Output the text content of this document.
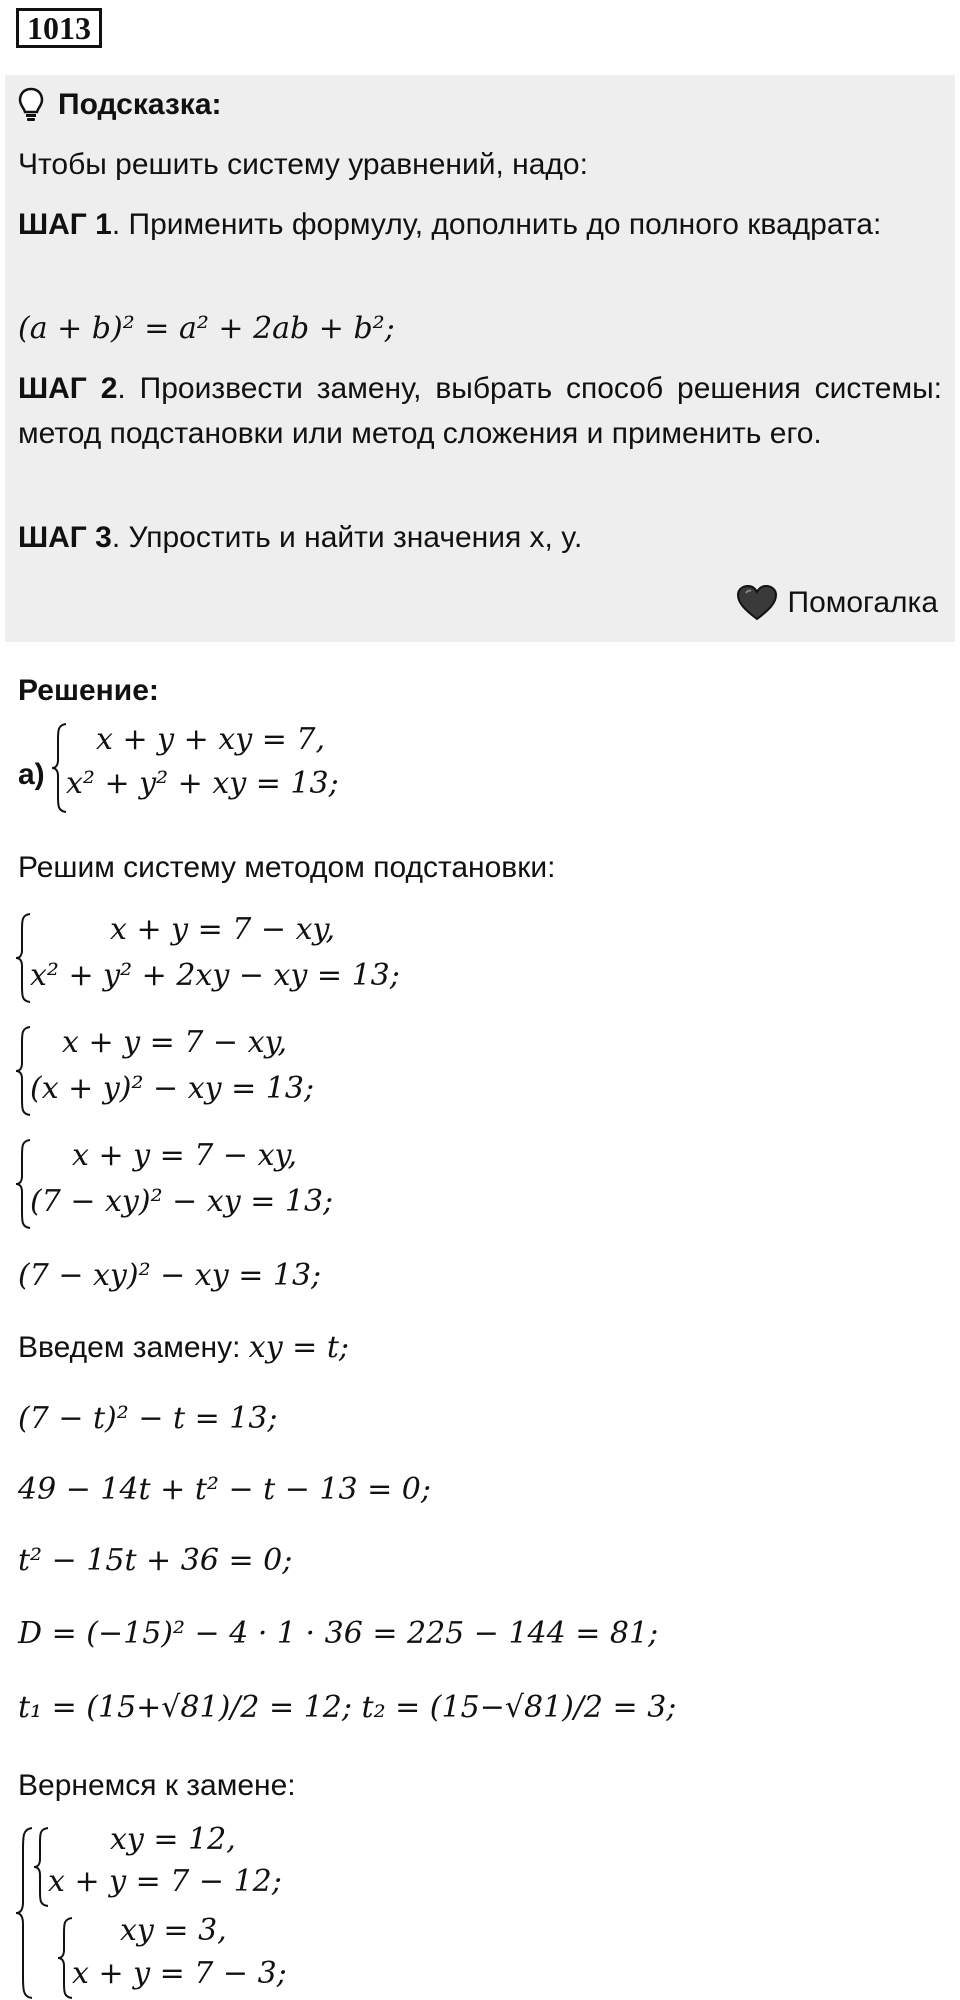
1013
Подсказка:
Чтобы решить систему уравнений, надо:
ШАГ 1. Применить формулу, дополнить до полного квадрата:
(a + b)² = a² + 2ab + b²;
ШАГ 2. Произвести замену, выбрать способ решения системы: метод подстановки или метод сложения и применить его.
ШАГ 3. Упростить и найти значения x, y.
Помогалка
Решение:
а)
x + y + xy = 7,
x² + y² + xy = 13;
Решим систему методом подстановки:
x + y = 7 − xy,
x² + y² + 2xy − xy = 13;
x + y = 7 − xy,
(x + y)² − xy = 13;
x + y = 7 − xy,
(7 − xy)² − xy = 13;
(7 − xy)² − xy = 13;
Введем замену: xy = t;
(7 − t)² − t = 13;
49 − 14t + t² − t − 13 = 0;
t² − 15t + 36 = 0;
D = (−15)² − 4 · 1 · 36 = 225 − 144 = 81;
t₁ = (15+√81)/2 = 12; t₂ = (15−√81)/2 = 3;
Вернемся к замене:
xy = 12,
x + y = 7 − 12;
xy = 3,
x + y = 7 − 3;
